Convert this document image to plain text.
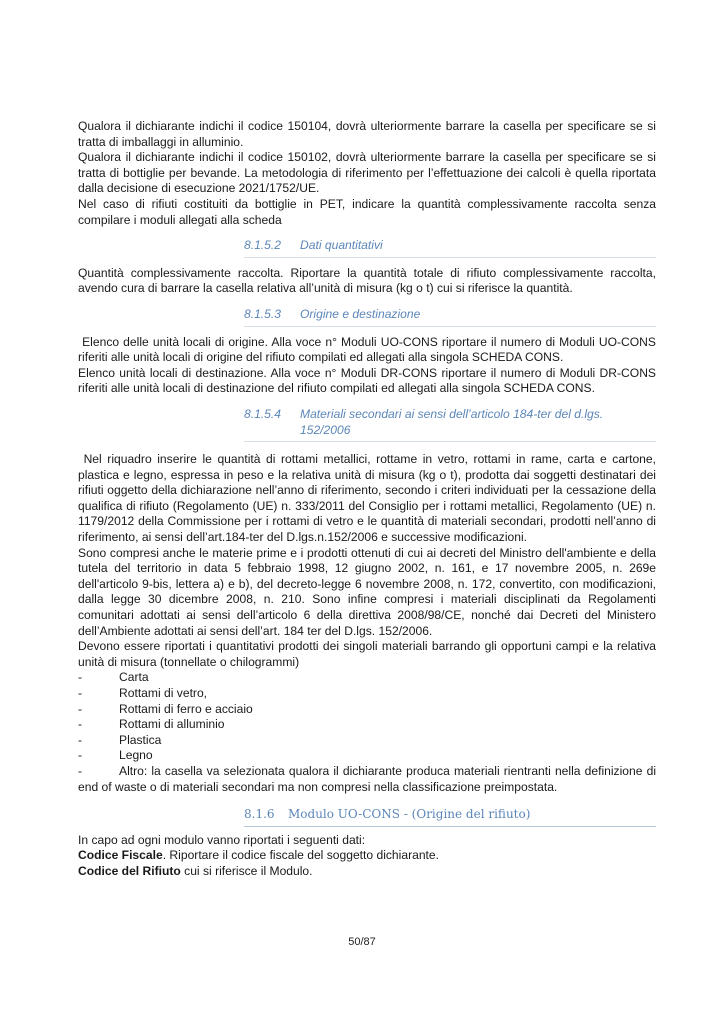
Qualora il dichiarante indichi il codice 150104, dovrà ulteriormente barrare la casella per specificare se si tratta di imballaggi in alluminio.

Qualora il dichiarante indichi il codice 150102, dovrà ulteriormente barrare la casella per specificare se si tratta di bottiglie per bevande. La metodologia di riferimento per l’effettuazione dei calcoli è quella riportata dalla decisione di esecuzione 2021/1752/UE.

Nel caso di rifiuti costituiti da bottiglie in PET, indicare la quantità complessivamente raccolta senza compilare i moduli allegati alla scheda

8.1.5.2	Dati quantitativi

Quantità complessivamente raccolta. Riportare la quantità totale di rifiuto complessivamente raccolta, avendo cura di barrare la casella relativa all’unità di misura (kg o t) cui si riferisce la quantità.

8.1.5.3	Origine e destinazione

Elenco delle unità locali di origine. Alla voce n° Moduli UO-CONS riportare il numero di Moduli UO-CONS riferiti alle unità locali di origine del rifiuto compilati ed allegati alla singola SCHEDA CONS.

Elenco unità locali di destinazione. Alla voce n° Moduli DR-CONS riportare il numero di Moduli DR-CONS riferiti alle unità locali di destinazione del rifiuto compilati ed allegati alla singola SCHEDA CONS.

8.1.5.4	Materiali secondari ai sensi dell’articolo 184-ter del d.lgs. 152/2006

Nel riquadro inserire le quantità di rottami metallici, rottame in vetro, rottami in rame, carta e cartone, plastica e legno, espressa in peso e la relativa unità di misura (kg o t), prodotta dai soggetti destinatari dei rifiuti oggetto della dichiarazione nell’anno di riferimento, secondo i criteri individuati per la cessazione della qualifica di rifiuto (Regolamento (UE) n. 333/2011 del Consiglio per i rottami metallici, Regolamento (UE) n. 1179/2012 della Commissione per i rottami di vetro e le quantità di materiali secondari, prodotti nell’anno di riferimento, ai sensi dell’art.184-ter del D.lgs.n.152/2006 e successive modificazioni.

Sono compresi anche le materie prime e i prodotti ottenuti di cui ai decreti del Ministro dell'ambiente e della tutela del territorio in data 5 febbraio 1998, 12 giugno 2002, n. 161, e 17 novembre 2005, n. 269e dell'articolo 9-bis, lettera a) e b), del decreto-legge 6 novembre 2008, n. 172, convertito, con modificazioni, dalla legge 30 dicembre 2008, n. 210. Sono infine compresi i materiali disciplinati da Regolamenti comunitari adottati ai sensi dell’articolo 6 della direttiva 2008/98/CE, nonché dai Decreti del Ministero dell’Ambiente adottati ai sensi dell’art. 184 ter del D.lgs. 152/2006.

Devono essere riportati i quantitativi prodotti dei singoli materiali barrando gli opportuni campi e la relativa unità di misura (tonnellate o chilogrammi)

-	Carta
-	Rottami di vetro,
-	Rottami di ferro e acciaio
-	Rottami di alluminio
-	Plastica
-	Legno

-	Altro: la casella va selezionata qualora il dichiarante produca materiali rientranti nella definizione di end of waste o di materiali secondari ma non compresi nella classificazione preimpostata.

8.1.6	Modulo UO-CONS - (Origine del rifiuto)

In capo ad ogni modulo vanno riportati i seguenti dati:

Codice Fiscale. Riportare il codice fiscale del soggetto dichiarante.

Codice del Rifiuto cui si riferisce il Modulo.

50/87
